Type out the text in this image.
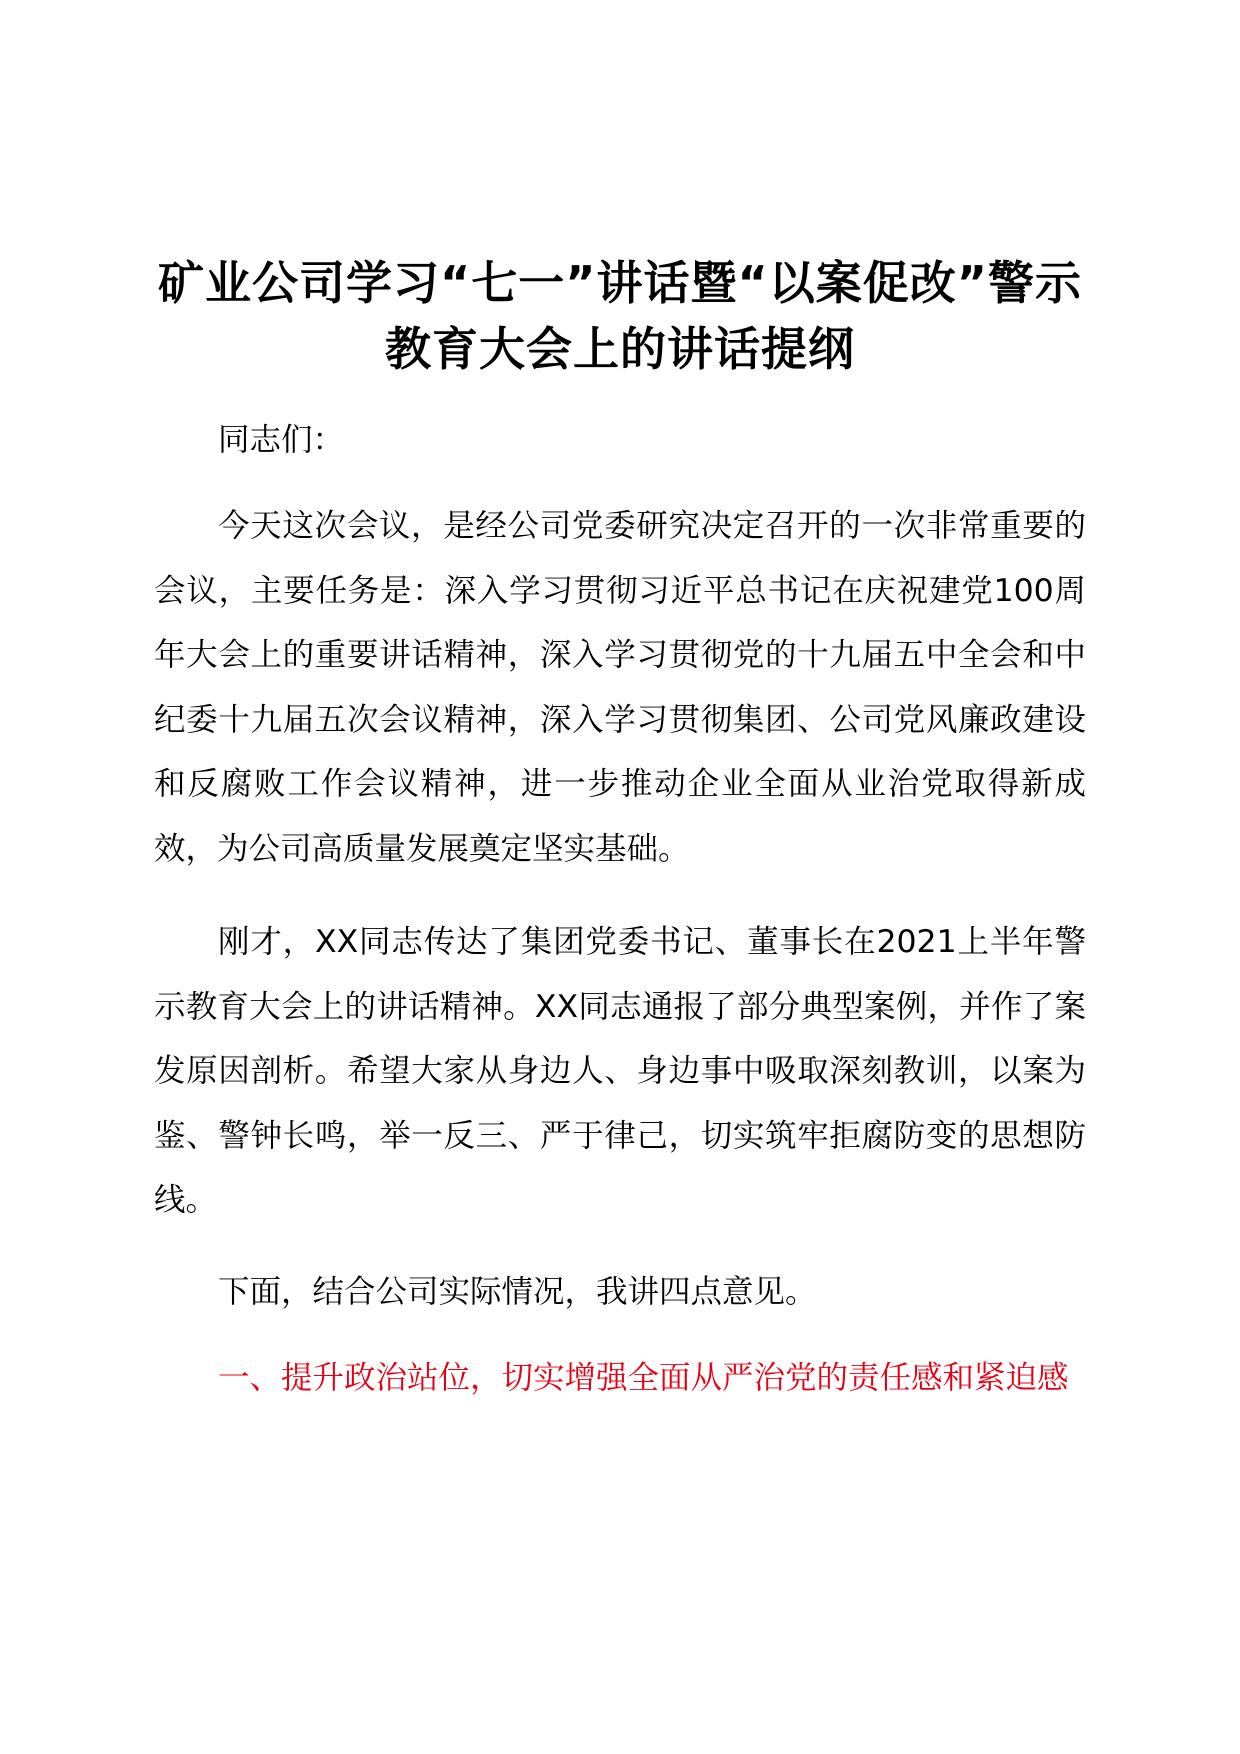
矿业公司学习“七一”讲话暨“以案促改”警示教育大会上的讲话提纲

同志们：

今天这次会议，是经公司党委研究决定召开的一次非常重要的会议，主要任务是：深入学习贯彻习近平总书记在庆祝建党100周年大会上的重要讲话精神，深入学习贯彻党的十九届五中全会和中纪委十九届五次会议精神，深入学习贯彻集团、公司党风廉政建设和反腐败工作会议精神，进一步推动企业全面从业治党取得新成效，为公司高质量发展奠定坚实基础。

刚才，XX同志传达了集团党委书记、董事长在2021上半年警示教育大会上的讲话精神。XX同志通报了部分典型案例，并作了案发原因剖析。希望大家从身边人、身边事中吸取深刻教训，以案为鉴、警钟长鸣，举一反三、严于律己，切实筑牢拒腐防变的思想防线。

下面，结合公司实际情况，我讲四点意见。

一、提升政治站位，切实增强全面从严治党的责任感和紧迫感
